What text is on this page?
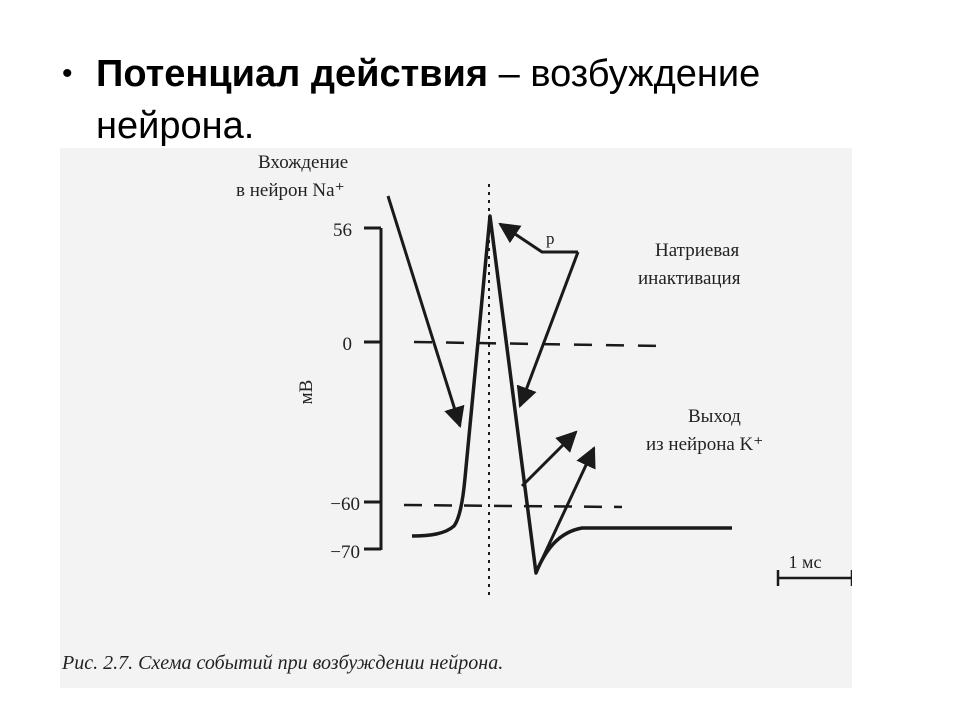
• Потенциал действия – возбуждение нейрона.
56
0
−60
−70
мВ
Вхождение
в нейрон Na⁺
р
Натриевая
инактивация
Выход
из нейрона K⁺
1 мс
Рис. 2.7. Схема событий при возбуждении нейрона.
